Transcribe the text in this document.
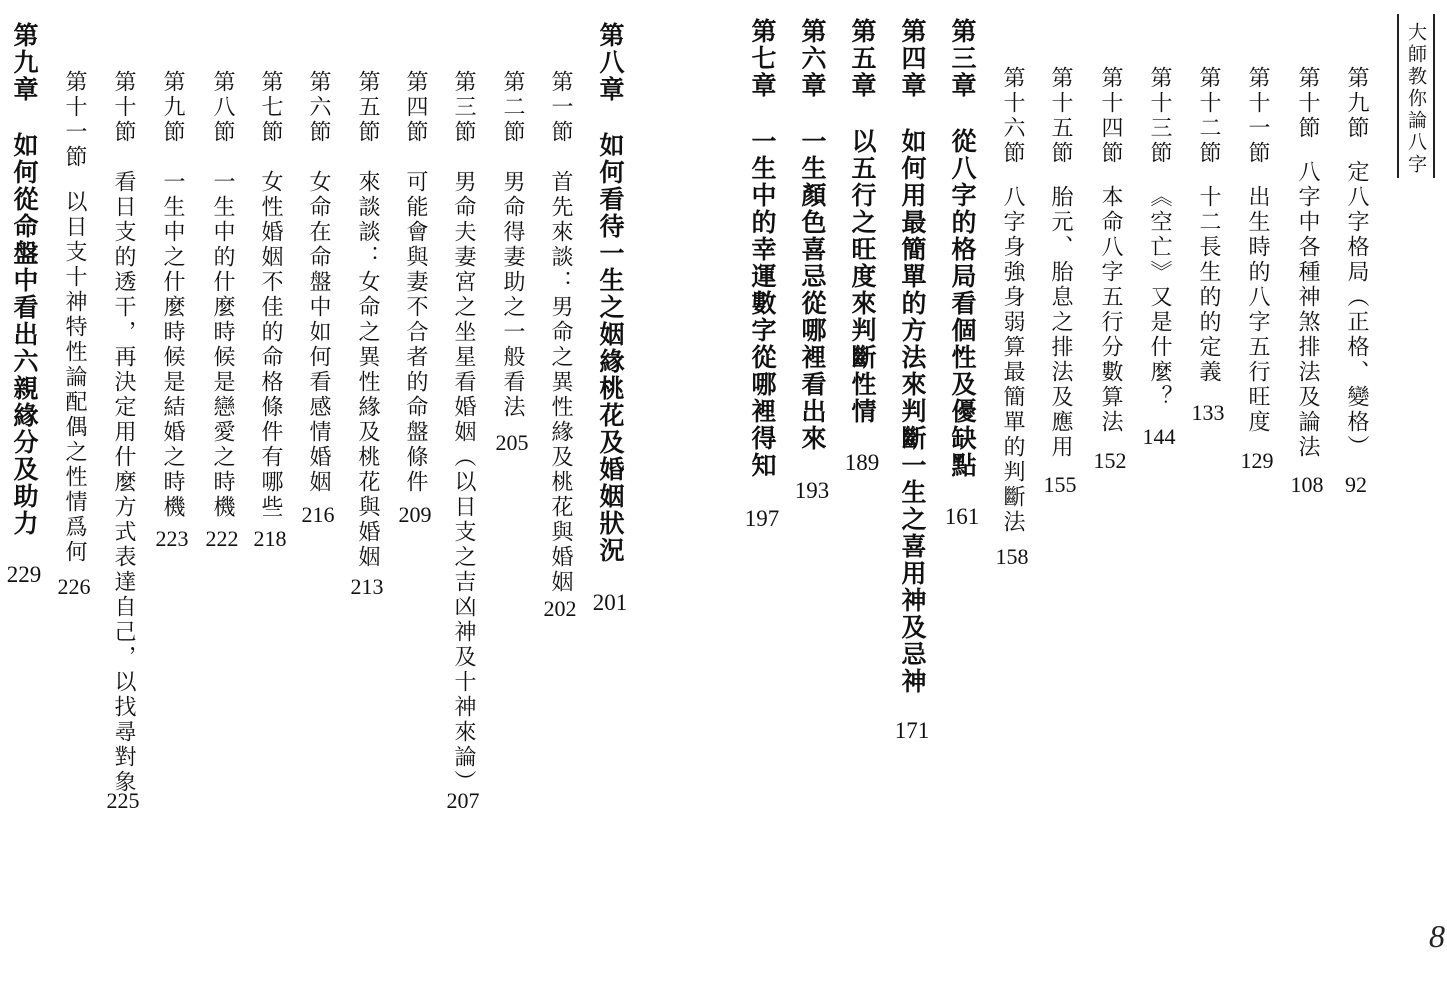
大師教你論八字
第九節
定八字格局（正格、變格）
92
第十節
八字中各種神煞排法及論法
108
第十一節
出生時的八字五行旺度
129
第十二節
十二長生的的定義
133
第十三節
《空亡》又是什麼？
144
第十四節
本命八字五行分數算法
152
第十五節
胎元、胎息之排法及應用
155
第十六節
八字身強身弱算最簡單的判斷法
158
第三章
從八字的格局看個性及優缺點
161
第四章
如何用最簡單的方法來判斷一生之喜用神及忌神
171
第五章
以五行之旺度來判斷性情
189
第六章
一生顏色喜忌從哪裡看出來
193
第七章
一生中的幸運數字從哪裡得知
197
第八章
如何看待一生之姻緣桃花及婚姻狀況
201
第一節
首先來談：男命之異性緣及桃花與婚姻
202
第二節
男命得妻助之一般看法
205
第三節
男命夫妻宮之坐星看婚姻（以日支之吉凶神及十神來論）
207
第四節
可能會與妻不合者的命盤條件
209
第五節
來談談：女命之異性緣及桃花與婚姻
213
第六節
女命在命盤中如何看感情婚姻
216
第七節
女性婚姻不佳的命格條件有哪些
218
第八節
一生中的什麼時候是戀愛之時機
222
第九節
一生中之什麼時候是結婚之時機
223
第十節
看日支的透干，再決定用什麼方式表達自己，以找尋對象
225
第十一節
以日支十神特性論配偶之性情爲何
226
第九章
如何從命盤中看出六親緣分及助力
229
8
